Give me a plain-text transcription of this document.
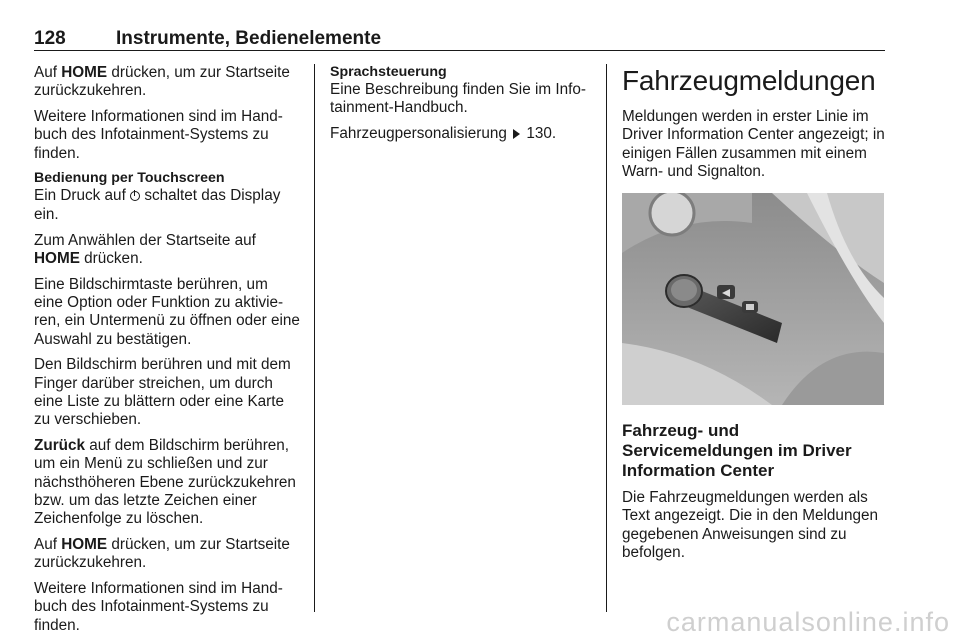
128	Instrumente, Bedienelemente

Auf HOME drücken, um zur Startseite zurückzukehren.

Weitere Informationen sind im Handbuch des Infotainment-Systems zu finden.

Bedienung per Touchscreen
Ein Druck auf  schaltet das Display ein.

Zum Anwählen der Startseite auf HOME drücken.

Eine Bildschirmtaste berühren, um eine Option oder Funktion zu aktivieren, ein Untermenü zu öffnen oder eine Auswahl zu bestätigen.

Den Bildschirm berühren und mit dem Finger darüber streichen, um durch eine Liste zu blättern oder eine Karte zu verschieben.

Zurück auf dem Bildschirm berühren, um ein Menü zu schließen und zur nächsthöheren Ebene zurückzukehren bzw. um das letzte Zeichen einer Zeichenfolge zu löschen.

Auf HOME drücken, um zur Startseite zurückzukehren.

Weitere Informationen sind im Handbuch des Infotainment-Systems zu finden.

Sprachsteuerung
Eine Beschreibung finden Sie im Infotainment-Handbuch.

Fahrzeugpersonalisierung  130.

Fahrzeugmeldungen

Meldungen werden in erster Linie im Driver Information Center angezeigt; in einigen Fällen zusammen mit einem Warn- und Signalton.

Fahrzeug- und Servicemeldungen im Driver Information Center

Die Fahrzeugmeldungen werden als Text angezeigt. Die in den Meldungen gegebenen Anweisungen sind zu befolgen.

carmanualsonline.info
